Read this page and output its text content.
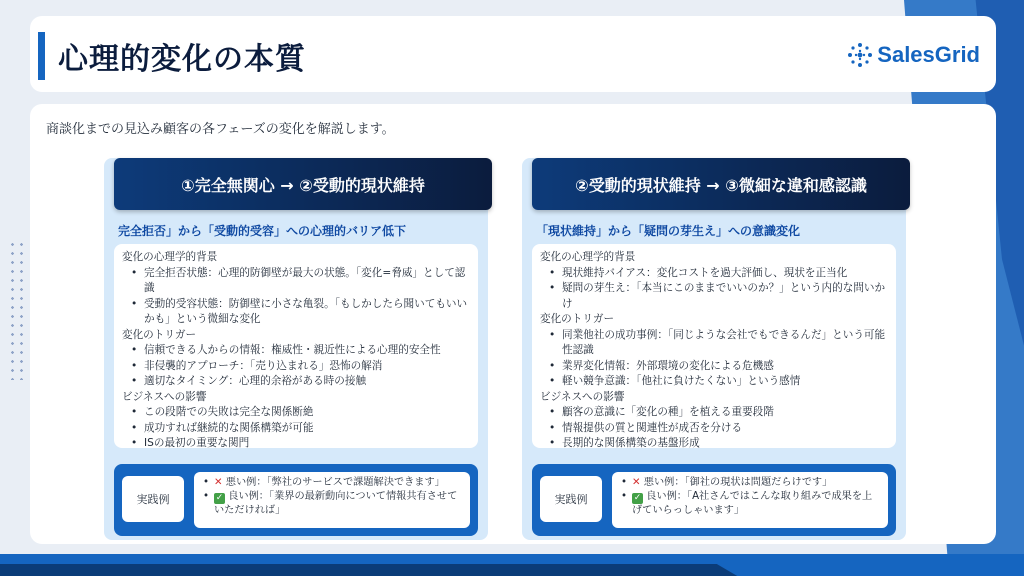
心理的変化の本質	SalesGrid
商談化までの見込み顧客の各フェーズの変化を解説します。
①完全無関心 → ②受動的現状維持
完全拒否」から「受動的受容」への心理的バリア低下
変化の心理学的背景
• 完全拒否状態：心理的防御壁が最大の状態。「変化=脅威」として認識
• 受動的受容状態：防御壁に小さな亀裂。「もしかしたら聞いてもいいかも」という微細な変化
変化のトリガー
• 信頼できる人からの情報：権威性・親近性による心理的安全性
• 非侵襲的アプローチ：「売り込まれる」恐怖の解消
• 適切なタイミング：心理的余裕がある時の接触
ビジネスへの影響
• この段階での失敗は完全な関係断絶
• 成功すれば継続的な関係構築が可能
• ISの最初の重要な関門
実践例
• ✕ 悪い例：「弊社のサービスで課題解決できます」
• ✓ 良い例：「業界の最新動向について情報共有させていただければ」
②受動的現状維持 → ③微細な違和感認識
「現状維持」から「疑問の芽生え」への意識変化
変化の心理学的背景
• 現状維持バイアス：変化コストを過大評価し、現状を正当化
• 疑問の芽生え：「本当にこのままでいいのか？」という内的な問いかけ
変化のトリガー
• 同業他社の成功事例：「同じような会社でもできるんだ」という可能性認識
• 業界変化情報：外部環境の変化による危機感
• 軽い競争意識：「他社に負けたくない」という感情
ビジネスへの影響
• 顧客の意識に「変化の種」を植える重要段階
• 情報提供の質と関連性が成否を分ける
• 長期的な関係構築の基盤形成
実践例
• ✕ 悪い例：「御社の現状は問題だらけです」
• ✓ 良い例：「A社さんではこんな取り組みで成果を上げていらっしゃいます」
